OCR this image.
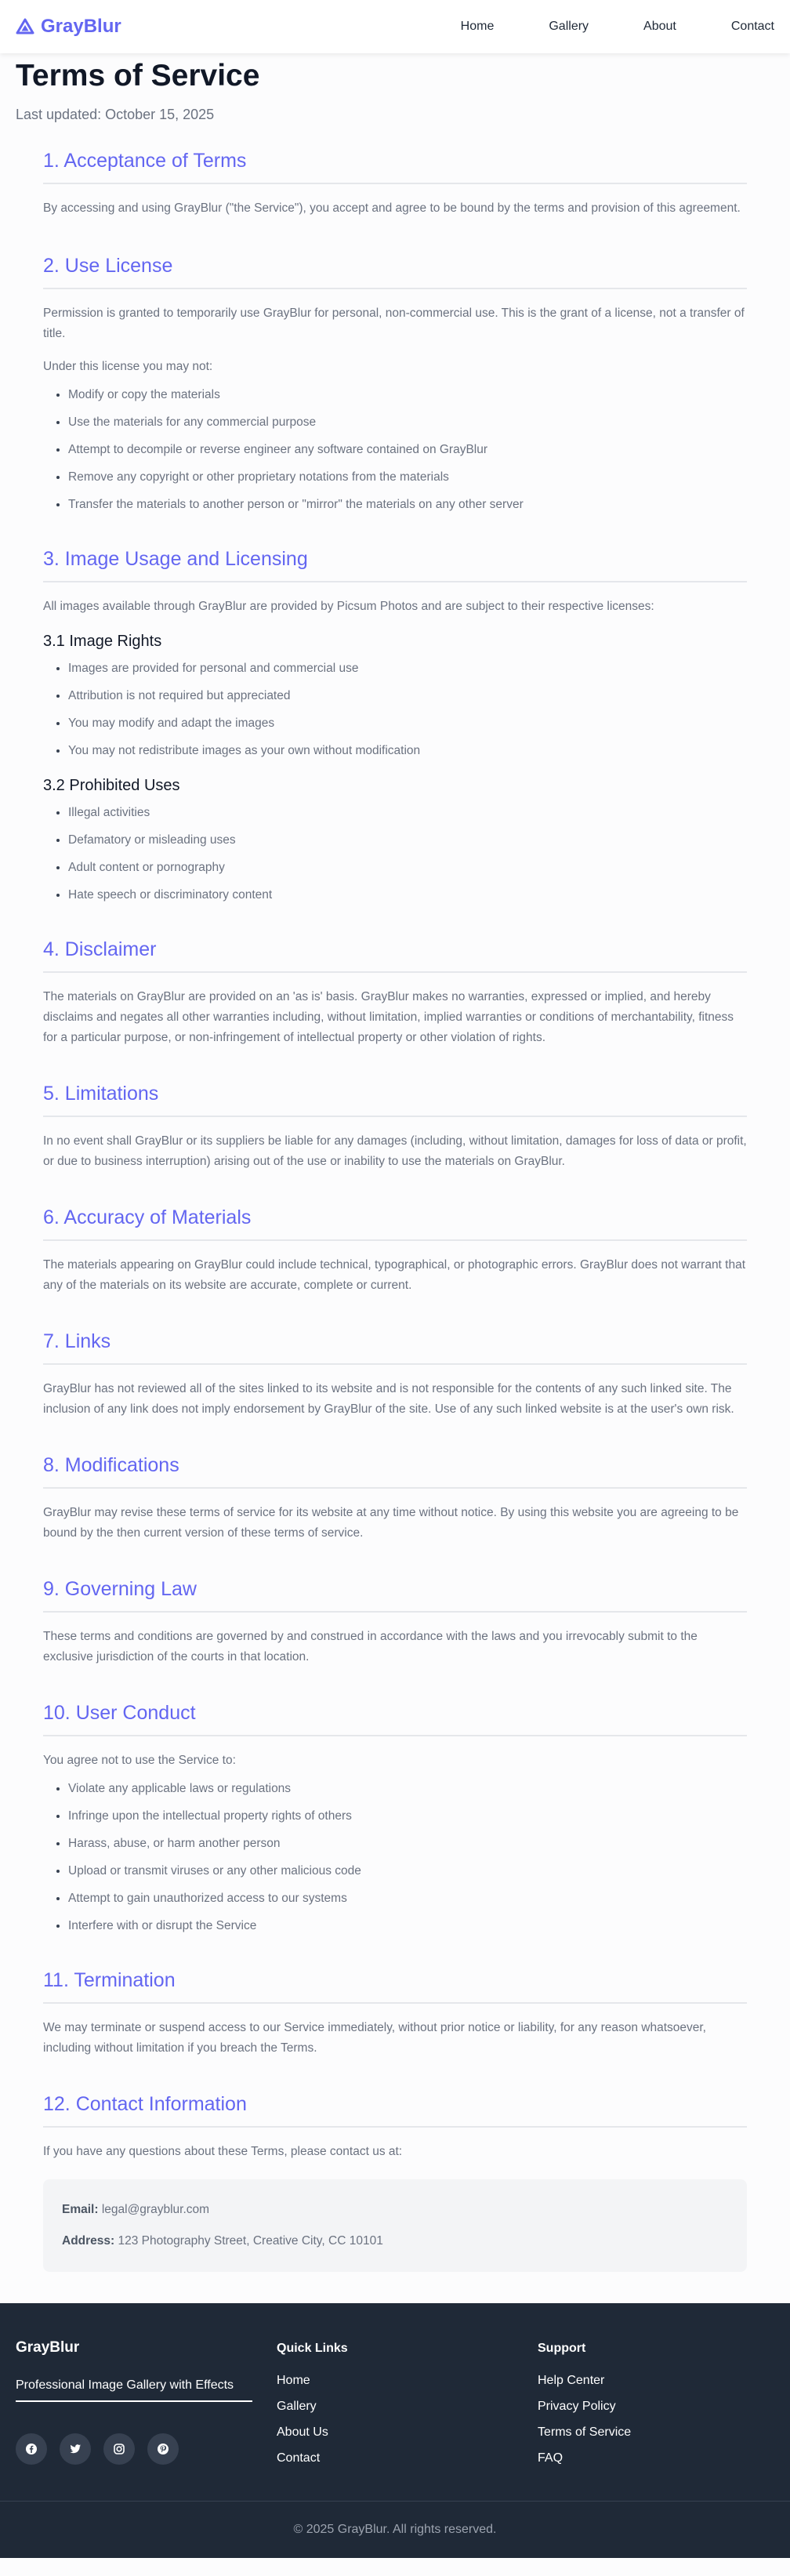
GrayBlur	Home	Gallery	About	Contact
Terms of Service
Last updated: October 15, 2025
1. Acceptance of Terms

By accessing and using GrayBlur ("the Service"), you accept and agree to be bound by the terms and provision of this agreement.

2. Use License

Permission is granted to temporarily use GrayBlur for personal, non-commercial use. This is the grant of a license, not a transfer of title.

Under this license you may not:

• Modify or copy the materials
• Use the materials for any commercial purpose
• Attempt to decompile or reverse engineer any software contained on GrayBlur
• Remove any copyright or other proprietary notations from the materials
• Transfer the materials to another person or "mirror" the materials on any other server
3. Image Usage and Licensing

All images available through GrayBlur are provided by Picsum Photos and are subject to their respective licenses:

3.1 Image Rights
• Images are provided for personal and commercial use
• Attribution is not required but appreciated
• You may modify and adapt the images
• You may not redistribute images as your own without modification
3.2 Prohibited Uses
• Illegal activities
• Defamatory or misleading uses
• Adult content or pornography
• Hate speech or discriminatory content
4. Disclaimer

The materials on GrayBlur are provided on an 'as is' basis. GrayBlur makes no warranties, expressed or implied, and hereby disclaims and negates all other warranties including, without limitation, implied warranties or conditions of merchantability, fitness for a particular purpose, or non-infringement of intellectual property or other violation of rights.

5. Limitations

In no event shall GrayBlur or its suppliers be liable for any damages (including, without limitation, damages for loss of data or profit, or due to business interruption) arising out of the use or inability to use the materials on GrayBlur.

6. Accuracy of Materials

The materials appearing on GrayBlur could include technical, typographical, or photographic errors. GrayBlur does not warrant that any of the materials on its website are accurate, complete or current.

7. Links

GrayBlur has not reviewed all of the sites linked to its website and is not responsible for the contents of any such linked site. The inclusion of any link does not imply endorsement by GrayBlur of the site. Use of any such linked website is at the user's own risk.

8. Modifications

GrayBlur may revise these terms of service for its website at any time without notice. By using this website you are agreeing to be bound by the then current version of these terms of service.

9. Governing Law

These terms and conditions are governed by and construed in accordance with the laws and you irrevocably submit to the exclusive jurisdiction of the courts in that location.

10. User Conduct

You agree not to use the Service to:

• Violate any applicable laws or regulations
• Infringe upon the intellectual property rights of others
• Harass, abuse, or harm another person
• Upload or transmit viruses or any other malicious code
• Attempt to gain unauthorized access to our systems
• Interfere with or disrupt the Service
11. Termination

We may terminate or suspend access to our Service immediately, without prior notice or liability, for any reason whatsoever, including without limitation if you breach the Terms.

12. Contact Information

If you have any questions about these Terms, please contact us at:

Email: legal@grayblur.com
Address: 123 Photography Street, Creative City, CC 10101
GrayBlur
Professional Image Gallery with Effects
Quick Links
Home
Gallery
About Us
Contact
Support
Help Center
Privacy Policy
Terms of Service
FAQ
© 2025 GrayBlur. All rights reserved.
